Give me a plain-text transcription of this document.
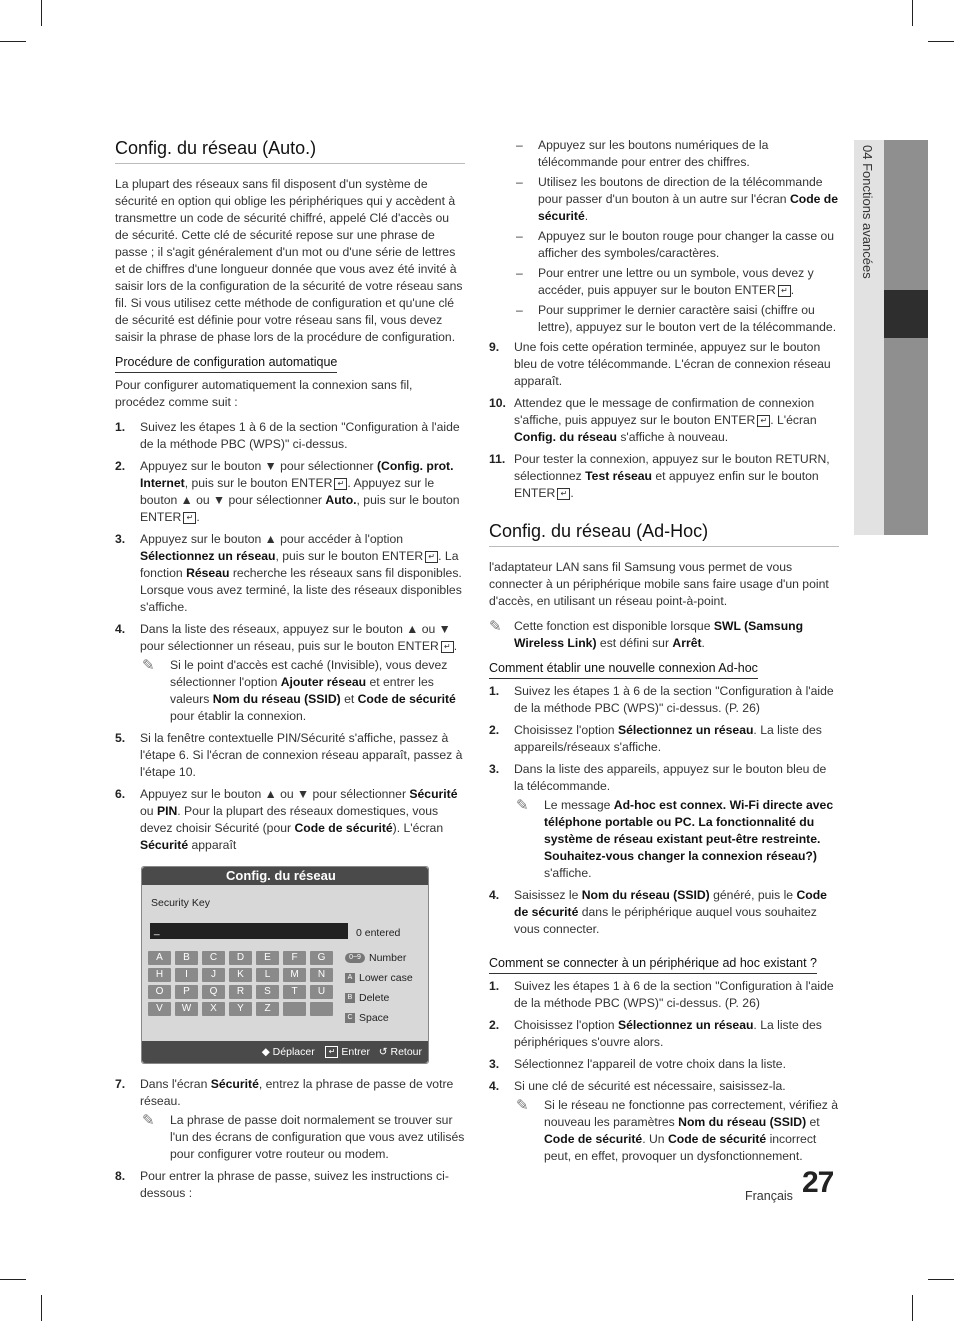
04 Fonctions avancées
Config. du réseau (Auto.)

La plupart des réseaux sans fil disposent d'un système de sécurité en option qui oblige les périphériques qui y accèdent à transmettre un code de sécurité chiffré, appelé Clé d'accès ou de sécurité. Cette clé de sécurité repose sur une phrase de passe ; il s'agit généralement d'un mot ou d'une série de lettres et de chiffres d'une longueur donnée que vous avez été invité à saisir lors de la configuration de la sécurité de votre réseau sans fil. Si vous utilisez cette méthode de configuration et qu'une clé de sécurité est définie pour votre réseau sans fil, vous devez saisir la phrase de phase lors de la procédure de configuration.

Procédure de configuration automatique

Pour configurer automatiquement la connexion sans fil, procédez comme suit :

1. Suivez les étapes 1 à 6 de la section "Configuration à l'aide de la méthode PBC (WPS)" ci-dessus.
2. Appuyez sur le bouton ▼ pour sélectionner (Config. prot. Internet, puis sur le bouton ENTER ↵ . Appuyez sur le bouton ▲ ou ▼ pour sélectionner Auto., puis sur le bouton ENTER ↵ .
3. Appuyez sur le bouton ▲ pour accéder à l'option Sélectionnez un réseau, puis sur le bouton ENTER ↵ . La fonction Réseau recherche les réseaux sans fil disponibles. Lorsque vous avez terminé, la liste des réseaux disponibles s'affiche.
4. Dans la liste des réseaux, appuyez sur le bouton ▲ ou ▼ pour sélectionner un réseau, puis sur le bouton ENTER ↵ .
✎ Si le point d'accès est caché (Invisible), vous devez sélectionner l'option Ajouter réseau et entrer les valeurs Nom du réseau (SSID) et Code de sécurité pour établir la connexion.
5. Si la fenêtre contextuelle PIN/Sécurité s'affiche, passez à l'étape 6. Si l'écran de connexion réseau apparaît, passez à l'étape 10.
6. Appuyez sur le bouton ▲ ou ▼ pour sélectionner Sécurité ou PIN. Pour la plupart des réseaux domestiques, vous devez choisir Sécurité (pour Code de sécurité). L'écran Sécurité apparaît
Config. du réseau
Security Key
_	0 entered
A	B	C	D	E	F	G
H	I	J	K	L	M	N
O	P	Q	R	S	T	U
V	W	X	Y	Z
0~9 Number
A Lower case
B Delete
C Space
◆ Déplacer ↵ Entrer ↺ Retour
7. Dans l'écran Sécurité, entrez la phrase de passe de votre réseau.
✎ La phrase de passe doit normalement se trouver sur l'un des écrans de configuration que vous avez utilisés pour configurer votre routeur ou modem.
8. Pour entrer la phrase de passe, suivez les instructions ci-dessous :
– Appuyez sur les boutons numériques de la télécommande pour entrer des chiffres.
– Utilisez les boutons de direction de la télécommande pour passer d'un bouton à un autre sur l'écran Code de sécurité.
– Appuyez sur le bouton rouge pour changer la casse ou afficher des symboles/caractères.
– Pour entrer une lettre ou un symbole, vous devez y accéder, puis appuyer sur le bouton ENTER ↵ .
– Pour supprimer le dernier caractère saisi (chiffre ou lettre), appuyez sur le bouton vert de la télécommande.
9. Une fois cette opération terminée, appuyez sur le bouton bleu de votre télécommande. L'écran de connexion réseau apparaît.
10. Attendez que le message de confirmation de connexion s'affiche, puis appuyez sur le bouton ENTER ↵ . L'écran Config. du réseau s'affiche à nouveau.
11. Pour tester la connexion, appuyez sur le bouton RETURN, sélectionnez Test réseau et appuyez enfin sur le bouton ENTER ↵ .
Config. du réseau (Ad-Hoc)

l'adaptateur LAN sans fil Samsung vous permet de vous connecter à un périphérique mobile sans faire usage d'un point d'accès, en utilisant un réseau point-à-point.

✎ Cette fonction est disponible lorsque SWL (Samsung Wireless Link) est défini sur Arrêt.
Comment établir une nouvelle connexion Ad-hoc
1. Suivez les étapes 1 à 6 de la section "Configuration à l'aide de la méthode PBC (WPS)" ci-dessus. (P. 26)
2. Choisissez l'option Sélectionnez un réseau. La liste des appareils/réseaux s'affiche.
3. Dans la liste des appareils, appuyez sur le bouton bleu de la télécommande.
✎ Le message Ad-hoc est connex. Wi-Fi directe avec téléphone portable ou PC. La fonctionnalité du système de réseau existant peut-être restreinte. Souhaitez-vous changer la connexion réseau?) s'affiche.
4. Saisissez le Nom du réseau (SSID) généré, puis le Code de sécurité dans le périphérique auquel vous souhaitez vous connecter.
Comment se connecter à un périphérique ad hoc existant ?
1. Suivez les étapes 1 à 6 de la section "Configuration à l'aide de la méthode PBC (WPS)" ci-dessus. (P. 26)
2. Choisissez l'option Sélectionnez un réseau. La liste des périphériques s'ouvre alors.
3. Sélectionnez l'appareil de votre choix dans la liste.
4. Si une clé de sécurité est nécessaire, saisissez-la.
✎ Si le réseau ne fonctionne pas correctement, vérifiez à nouveau les paramètres Nom du réseau (SSID) et Code de sécurité. Un Code de sécurité incorrect peut, en effet, provoquer un dysfonctionnement.
Français 27
